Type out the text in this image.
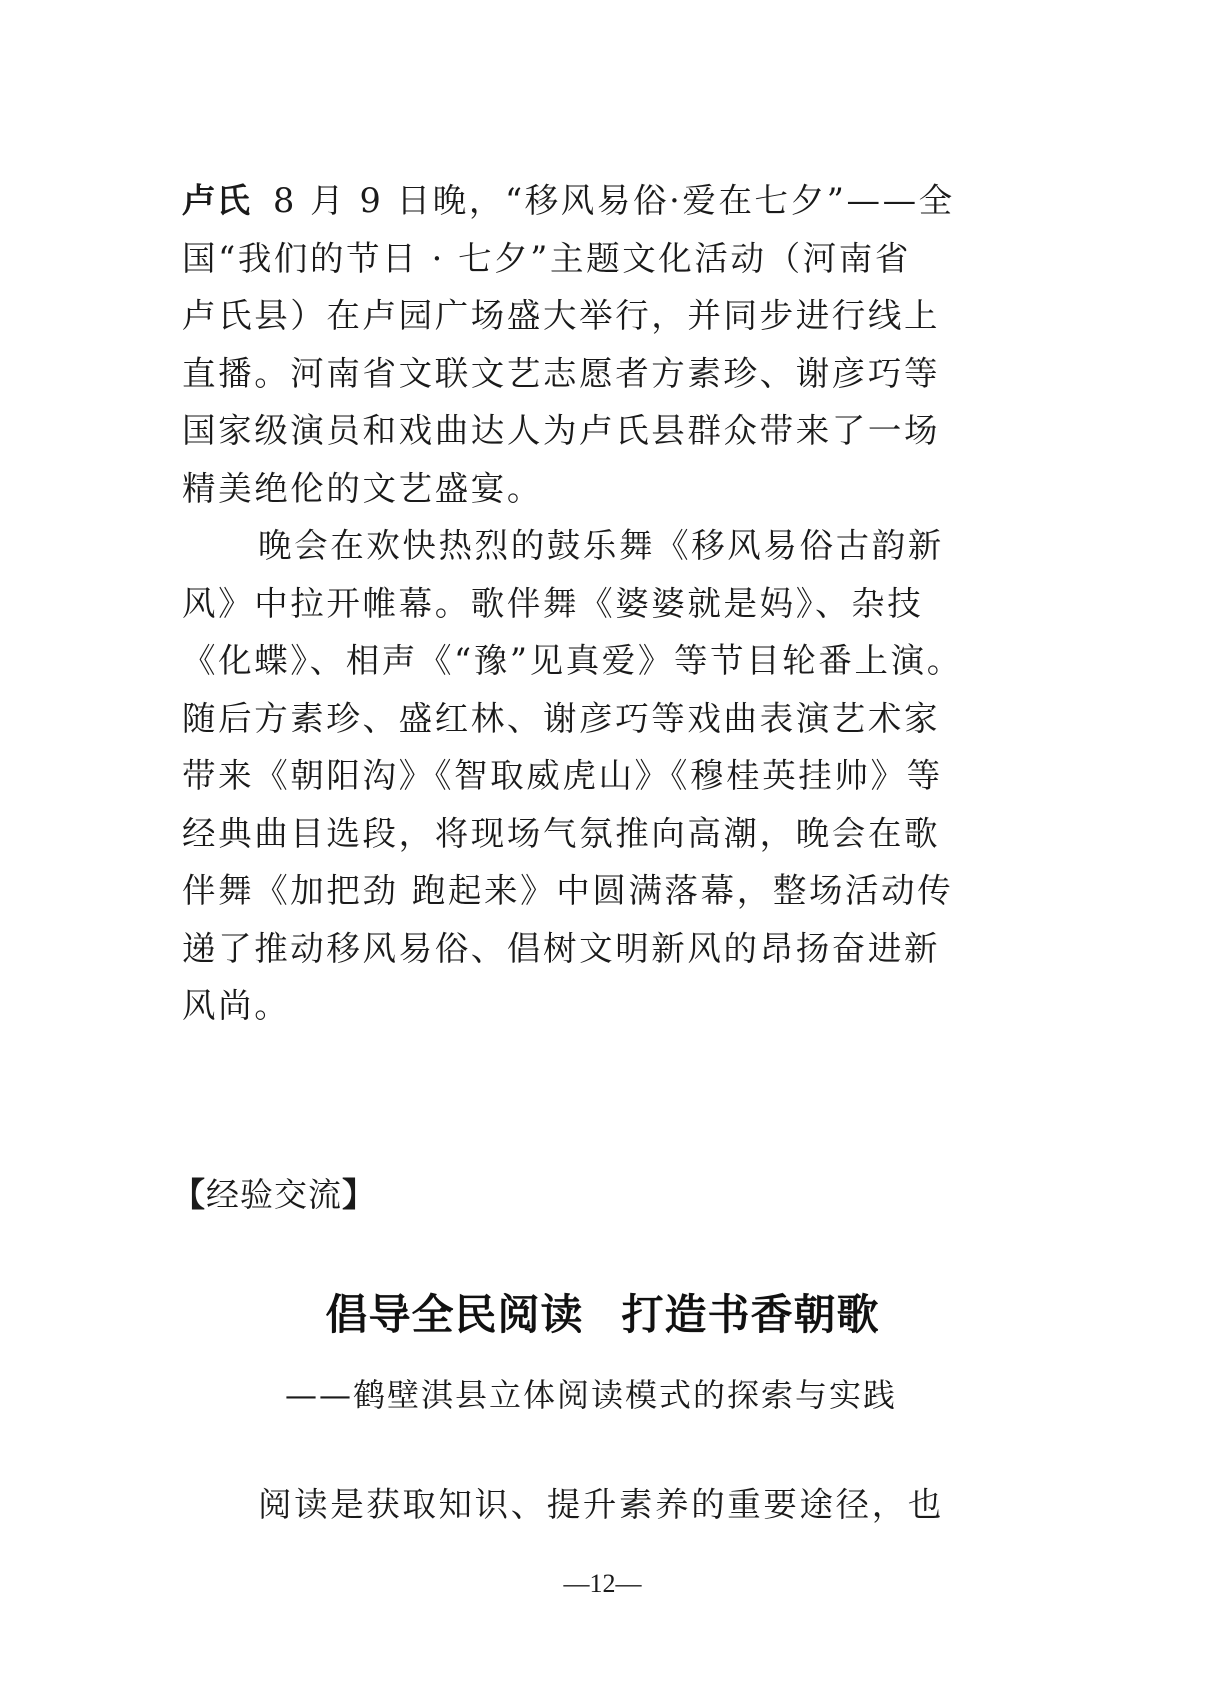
卢氏 8 月 9 日晚，“移风易俗·爱在七夕”——全
国“我们的节日 · 七夕”主题文化活动（河南省
卢氏县）在卢园广场盛大举行，并同步进行线上
直播。河南省文联文艺志愿者方素珍、谢彦巧等
国家级演员和戏曲达人为卢氏县群众带来了一场
精美绝伦的文艺盛宴。
晚会在欢快热烈的鼓乐舞《移风易俗古韵新
风》中拉开帷幕。歌伴舞《婆婆就是妈》、杂技
《化蝶》、相声《“豫”见真爱》等节目轮番上演。
随后方素珍、盛红林、谢彦巧等戏曲表演艺术家
带来《朝阳沟》《智取威虎山》《穆桂英挂帅》等
经典曲目选段，将现场气氛推向高潮，晚会在歌
伴舞《加把劲 跑起来》中圆满落幕，整场活动传
递了推动移风易俗、倡树文明新风的昂扬奋进新
风尚。
【经验交流】
倡导全民阅读 打造书香朝歌

——鹤壁淇县立体阅读模式的探索与实践

阅读是获取知识、提升素养的重要途径，也
—12—
